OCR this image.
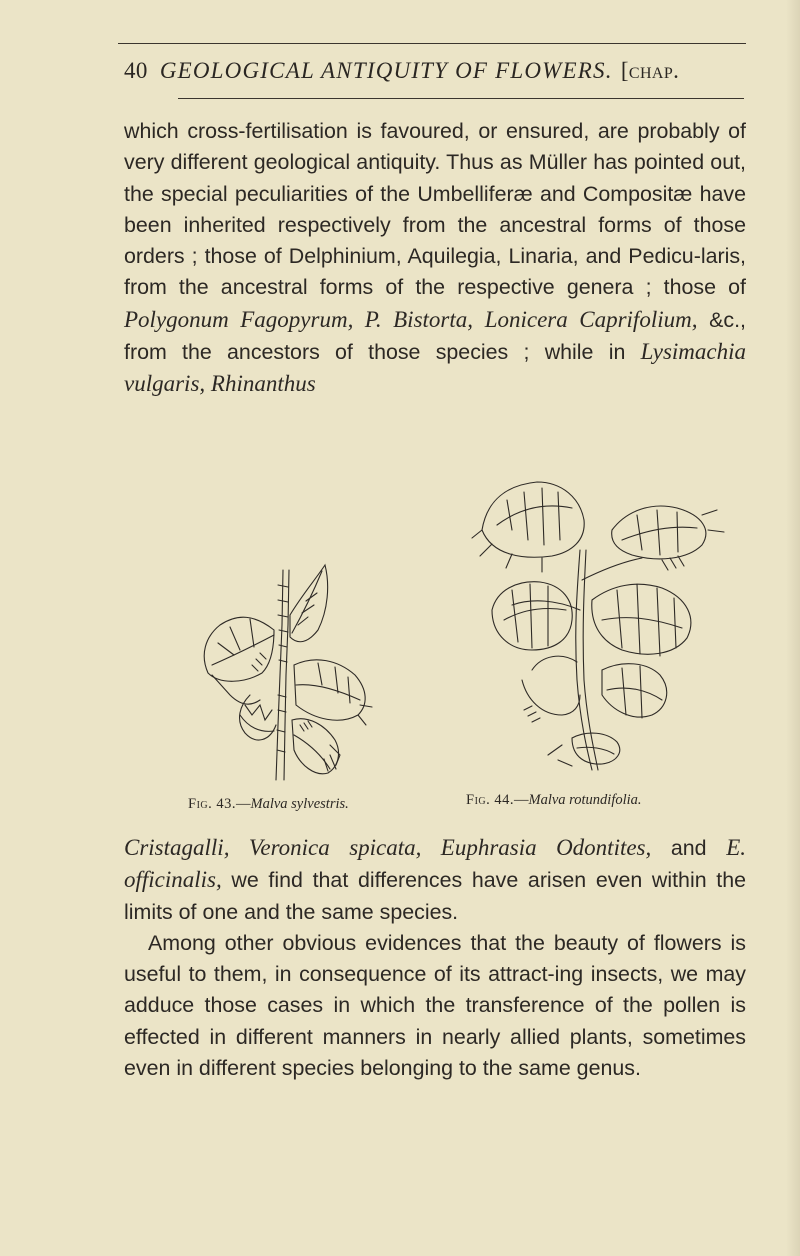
40 GEOLOGICAL ANTIQUITY OF FLOWERS. [chap.

which cross-fertilisation is favoured, or ensured, are probably of very different geological antiquity. Thus as Müller has pointed out, the special peculiarities of the Umbelliferæ and Compositæ have been inherited respectively from the ancestral forms of those orders ; those of Delphinium, Aquilegia, Linaria, and Pedicu-laris, from the ancestral forms of the respective genera ; those of Polygonum Fagopyrum, P. Bistorta, Lonicera Caprifolium, &c., from the ancestors of those species ; while in Lysimachia vulgaris, Rhinanthus

Fig. 43.—Malva sylvestris.	Fig. 44.—Malva rotundifolia.

Cristagalli, Veronica spicata, Euphrasia Odontites, and E. officinalis, we find that differences have arisen even within the limits of one and the same species.

Among other obvious evidences that the beauty of flowers is useful to them, in consequence of its attract-ing insects, we may adduce those cases in which the transference of the pollen is effected in different manners in nearly allied plants, sometimes even in different species belonging to the same genus.
